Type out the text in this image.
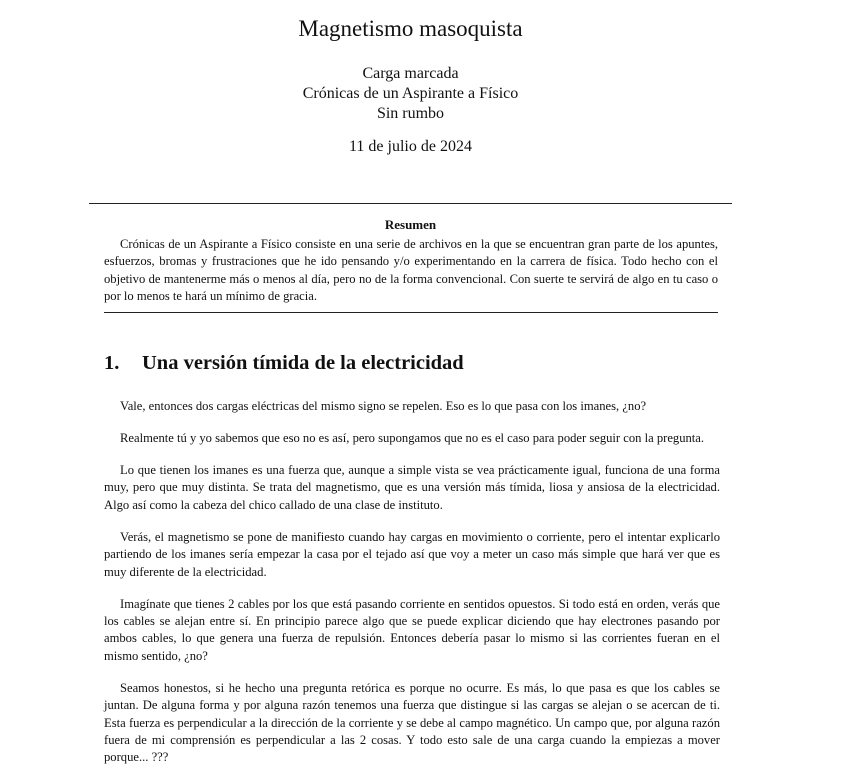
Magnetismo masoquista
Carga marcada
Crónicas de un Aspirante a Físico
Sin rumbo
11 de julio de 2024
Resumen
Crónicas de un Aspirante a Físico consiste en una serie de archivos en la que se encuentran gran parte de los apuntes, esfuerzos, bromas y frustraciones que he ido pensando y/o experimentando en la carrera de física. Todo hecho con el objetivo de mantenerme más o menos al día, pero no de la forma convencional. Con suerte te servirá de algo en tu caso o por lo menos te hará un mínimo de gracia.
1. Una versión tímida de la electricidad

Vale, entonces dos cargas eléctricas del mismo signo se repelen. Eso es lo que pasa con los imanes, ¿no?

Realmente tú y yo sabemos que eso no es así, pero supongamos que no es el caso para poder seguir con la pregunta.

Lo que tienen los imanes es una fuerza que, aunque a simple vista se vea prácticamente igual, funciona de una forma muy, pero que muy distinta. Se trata del magnetismo, que es una versión más tímida, liosa y ansiosa de la electricidad. Algo así como la cabeza del chico callado de una clase de instituto.

Verás, el magnetismo se pone de manifiesto cuando hay cargas en movimiento o corriente, pero el intentar explicarlo partiendo de los imanes sería empezar la casa por el tejado así que voy a meter un caso más simple que hará ver que es muy diferente de la electricidad.

Imagínate que tienes 2 cables por los que está pasando corriente en sentidos opuestos. Si todo está en orden, verás que los cables se alejan entre sí. En principio parece algo que se puede explicar diciendo que hay electrones pasando por ambos cables, lo que genera una fuerza de repulsión. Entonces debería pasar lo mismo si las corrientes fueran en el mismo sentido, ¿no?

Seamos honestos, si he hecho una pregunta retórica es porque no ocurre. Es más, lo que pasa es que los cables se juntan. De alguna forma y por alguna razón tenemos una fuerza que distingue si las cargas se alejan o se acercan de ti. Esta fuerza es perpendicular a la dirección de la corriente y se debe al campo magnético. Un campo que, por alguna razón fuera de mi comprensión es perpendicular a las 2 cosas. Y todo esto sale de una carga cuando la empiezas a mover porque... ???
